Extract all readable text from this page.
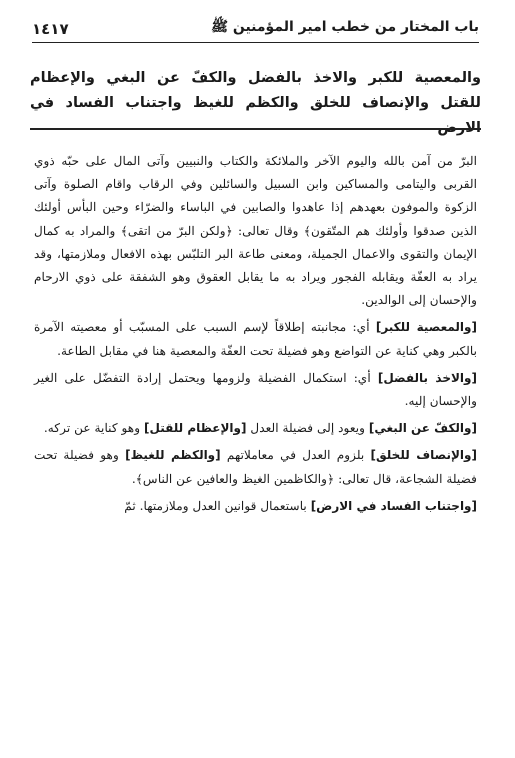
باب المختار من خطب امير المؤمنين ﷺ
١٤١٧
والمعصية للكبر والاخذ بالفضل والكفّ عن البغي والإعظام للقتل والإنصاف للخلق والكظم للغيظ واجتناب الفساد في الارض

البرّ من آمن بالله واليوم الآخر والملائكة والكتاب والنبيين وآتى المال على حبّه ذوي القربى واليتامى والمساكين وابن السبيل والسائلين وفي الرقاب واقام الصلوة وآتى الزكوة والموفون بعهدهم إذا عاهدوا والصابين في الباساء والضرّاء وحين البأس أولئك الذين صدقوا وأولئك هم المتّقون﴾ وقال تعالى: ﴿ولكن البرّ من اتقى﴾ والمراد به كمال الإيمان والتقوى والاعمال الجميلة، ومعنى طاعة البر التلبّس بهذه الافعال وملازمتها، وقد يراد به العفّة ويقابله الفجور ويراد به ما يقابل العقوق وهو الشفقة على ذوي الارحام والإحسان إلى الوالدين.

[والمعصية للكبر] أي: مجانبته إطلاقاً لإسم السبب على المسبّب أو معصيته الآمرة بالكبر وهي كناية عن التواضع وهو فضيلة تحت العفّة والمعصية هنا في مقابل الطاعة.

[والاخذ بالفضل] أي: استكمال الفضيلة ولزومها ويحتمل إرادة التفضّل على الغير والإحسان إليه.

[والكفّ عن البغي] ويعود إلى فضيلة العدل [والإعظام للقتل] وهو كناية عن تركه.

[والإنصاف للخلق] بلزوم العدل في معاملاتهم [والكظم للغيظ] وهو فضيلة تحت فضيلة الشجاعة، قال تعالى: ﴿والكاظمين الغيظ والعافين عن الناس﴾.

[واجتناب الفساد في الارض] باستعمال قوانين العدل وملازمتها. ثمّ
